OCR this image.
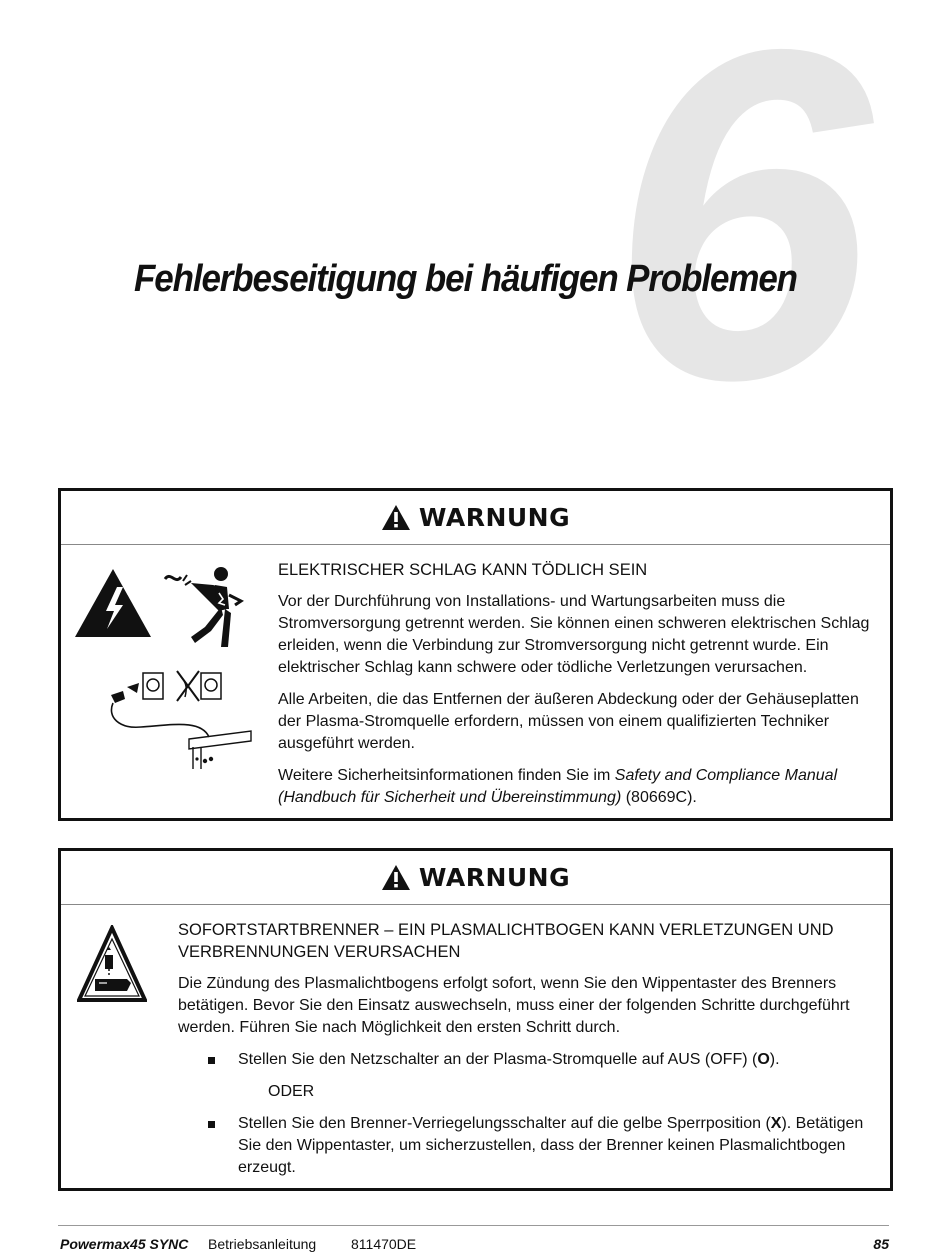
6
Fehlerbeseitigung bei häufigen Problemen
WARNUNG

ELEKTRISCHER SCHLAG KANN TÖDLICH SEIN

Vor der Durchführung von Installations- und Wartungsarbeiten muss die Stromversorgung getrennt werden. Sie können einen schweren elektrischen Schlag erleiden, wenn die Verbindung zur Stromversorgung nicht getrennt wurde. Ein elektrischer Schlag kann schwere oder tödliche Verletzungen verursachen.

Alle Arbeiten, die das Entfernen der äußeren Abdeckung oder der Gehäuseplatten der Plasma-Stromquelle erfordern, müssen von einem qualifizierten Techniker ausgeführt werden.

Weitere Sicherheitsinformationen finden Sie im Safety and Compliance Manual (Handbuch für Sicherheit und Übereinstimmung) (80669C).

WARNUNG

SOFORTSTARTBRENNER – EIN PLASMALICHTBOGEN KANN VERLETZUNGEN UND VERBRENNUNGEN VERURSACHEN

Die Zündung des Plasmalichtbogens erfolgt sofort, wenn Sie den Wippentaster des Brenners betätigen. Bevor Sie den Einsatz auswechseln, muss einer der folgenden Schritte durchgeführt werden. Führen Sie nach Möglichkeit den ersten Schritt durch.

Stellen Sie den Netzschalter an der Plasma-Stromquelle auf AUS (OFF) (O).

ODER

Stellen Sie den Brenner-Verriegelungsschalter auf die gelbe Sperrposition (X). Betätigen Sie den Wippentaster, um sicherzustellen, dass der Brenner keinen Plasmalichtbogen erzeugt.
Powermax45 SYNC Betriebsanleitung 811470DE	85
